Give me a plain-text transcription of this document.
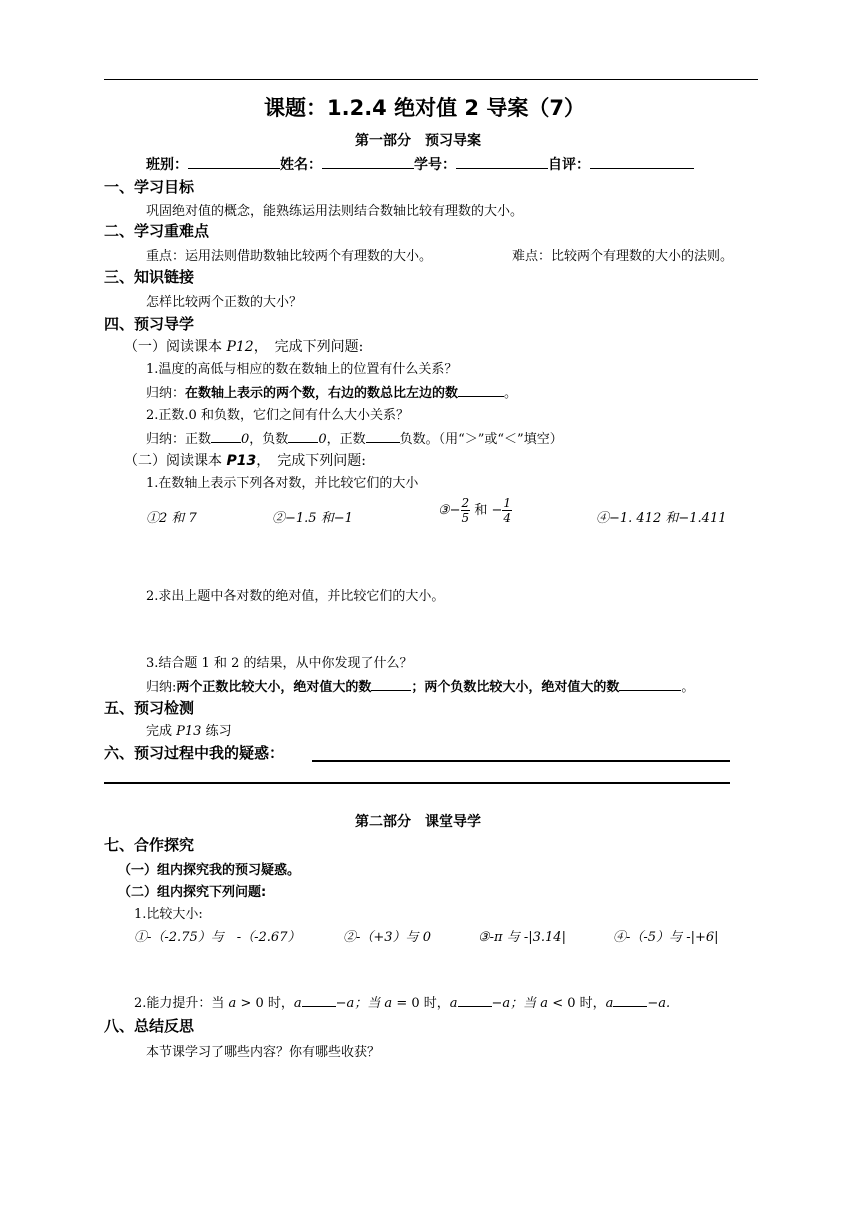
课题：1.2.4 绝对值 2 导案（7）
第一部分　预习导案
班别：	姓名：	学号：	自评：
一、学习目标
巩固绝对值的概念，能熟练运用法则结合数轴比较有理数的大小。
二、学习重难点
重点：运用法则借助数轴比较两个有理数的大小。	难点：比较两个有理数的大小的法则。
三、知识链接
怎样比较两个正数的大小？
四、预习导学
（一）阅读课本 P12，　完成下列问题:
1.温度的高低与相应的数在数轴上的位置有什么关系？
归纳：在数轴上表示的两个数，右边的数总比左边的数	。
2.正数.0 和负数，它们之间有什么大小关系？
归纳：正数 0，负数 0，正数	负数。（用“＞”或“＜”填空）
（二）阅读课本 P13，　完成下列问题:
1.在数轴上表示下列各对数，并比较它们的大小
①2 和 7	②−1.5 和−1
③− $\frac{2}{5}$ 和 − $\frac{1}{4}$	④−1. 412 和−1.411
2.求出上题中各对数的绝对值，并比较它们的大小。
3.结合题 1 和 2 的结果，从中你发现了什么？
归纳:两个正数比较大小，绝对值大的数	；两个负数比较大小，绝对值大的数	。
五、预习检测
完成 P13 练习
六、预习过程中我的疑惑：
第二部分　课堂导学
七、合作探究
（一）组内探究我的预习疑惑。
（二）组内探究下列问题:
1.比较大小:
①-（-2.75）与　-（-2.67）	②-（+3）与 0	③-π 与 -|3.14|	④-（-5）与 -|+6|
2.能力提升：当 a > 0 时，a	−a；当 a = 0 时，a	−a；当 a < 0 时，a	−a.
八、总结反思
本节课学习了哪些内容？你有哪些收获？
